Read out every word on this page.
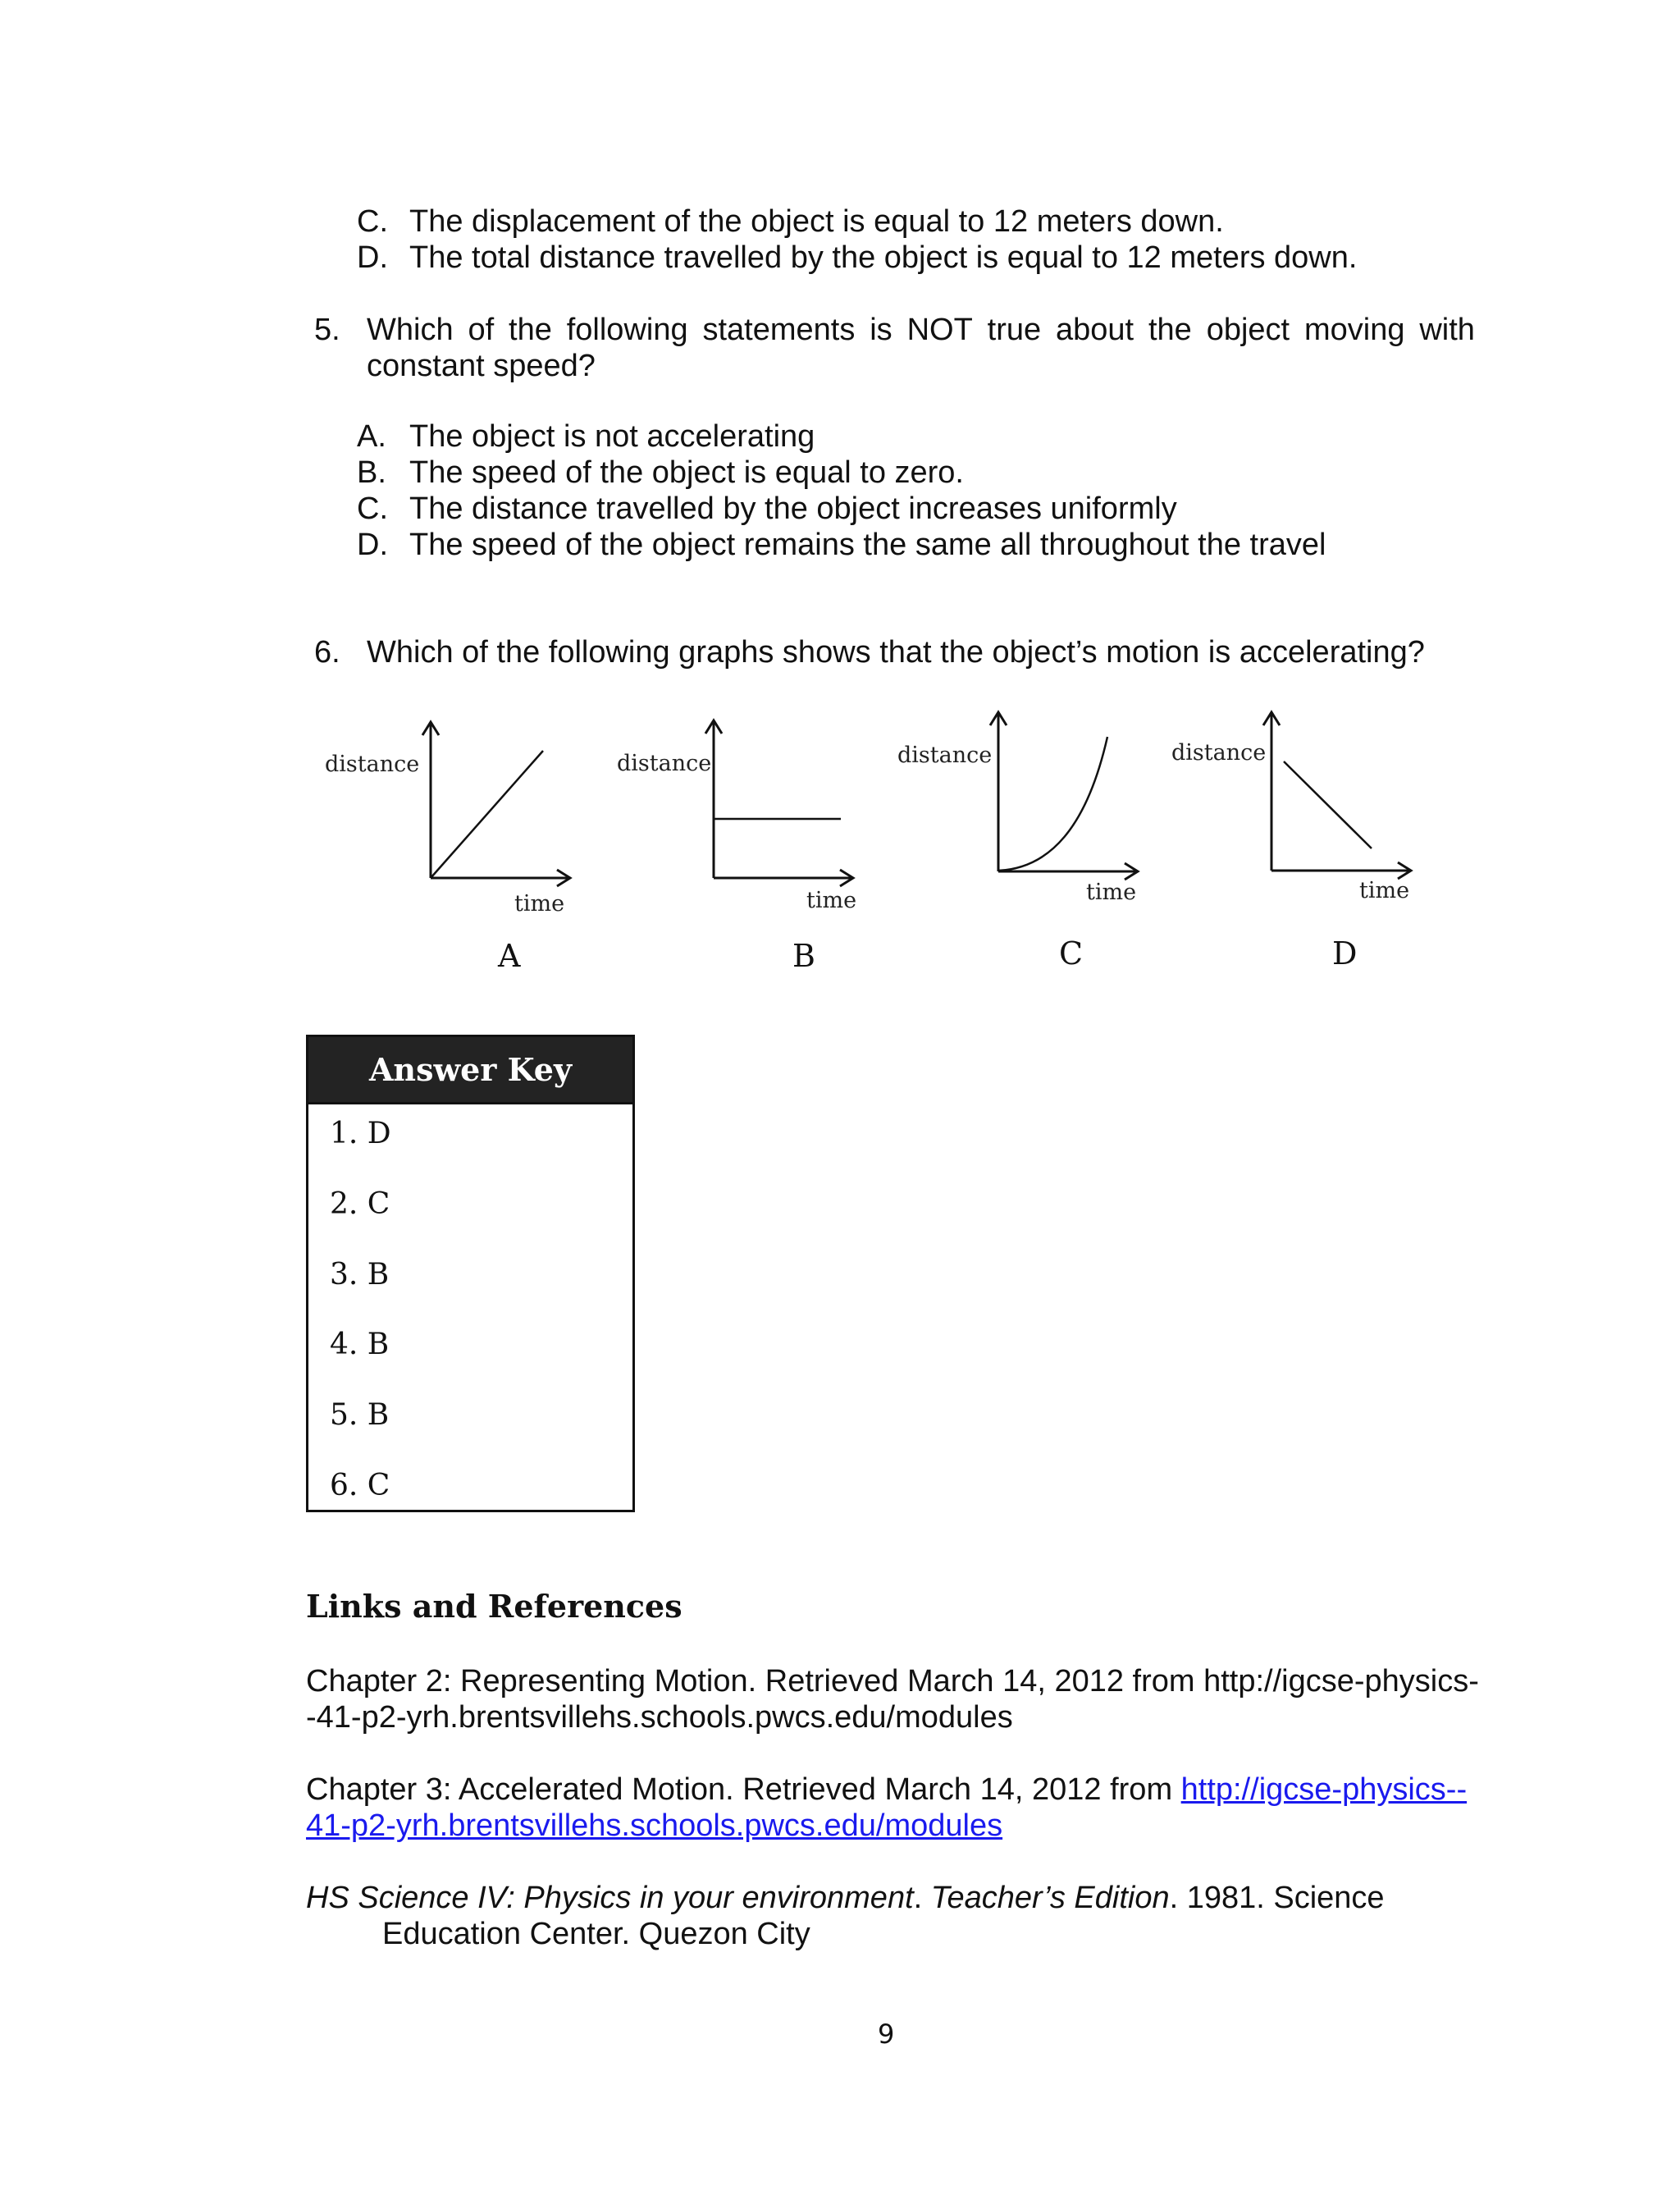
C. The displacement of the object is equal to 12 meters down.
D. The total distance travelled by the object is equal to 12 meters down.
5. Which of the following statements is NOT true about the object moving with
constant speed?
A. The object is not accelerating
B. The speed of the object is equal to zero.
C. The distance travelled by the object increases uniformly
D. The speed of the object remains the same all throughout the travel
6. Which of the following graphs shows that the object’s motion is accelerating?
distance
time
A
distance
time
B
distance
time
C
distance
time
D
Answer Key
1. D
2. C
3. B
4. B
5. B
6. C
Links and References
Chapter 2: Representing Motion. Retrieved March 14, 2012 from http://igcse-physics-
-41-p2-yrh.brentsvillehs.schools.pwcs.edu/modules
Chapter 3: Accelerated Motion. Retrieved March 14, 2012 from http://igcse-physics--
41-p2-yrh.brentsvillehs.schools.pwcs.edu/modules
HS Science IV: Physics in your environment. Teacher’s Edition. 1981. Science
Education Center. Quezon City
9
